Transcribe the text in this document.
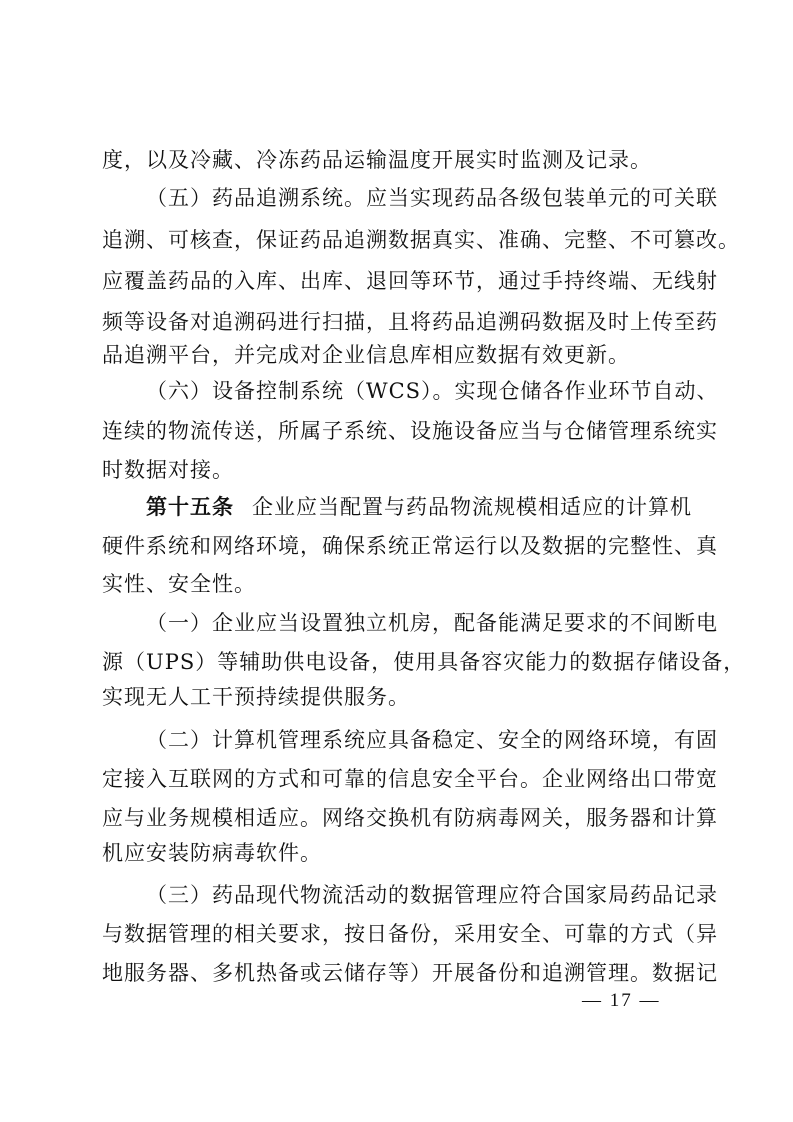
度，以及冷藏、冷冻药品运输温度开展实时监测及记录。
（五）药品追溯系统。应当实现药品各级包装单元的可关联
追溯、可核查，保证药品追溯数据真实、准确、完整、不可篡改。
应覆盖药品的入库、出库、退回等环节，通过手持终端、无线射
频等设备对追溯码进行扫描，且将药品追溯码数据及时上传至药
品追溯平台，并完成对企业信息库相应数据有效更新。
（六）设备控制系统（WCS）。实现仓储各作业环节自动、
连续的物流传送，所属子系统、设施设备应当与仓储管理系统实
时数据对接。
第十五条 企业应当配置与药品物流规模相适应的计算机
硬件系统和网络环境，确保系统正常运行以及数据的完整性、真
实性、安全性。
（一）企业应当设置独立机房，配备能满足要求的不间断电
源（UPS）等辅助供电设备，使用具备容灾能力的数据存储设备，
实现无人工干预持续提供服务。
（二）计算机管理系统应具备稳定、安全的网络环境，有固
定接入互联网的方式和可靠的信息安全平台。企业网络出口带宽
应与业务规模相适应。网络交换机有防病毒网关，服务器和计算
机应安装防病毒软件。
（三）药品现代物流活动的数据管理应符合国家局药品记录
与数据管理的相关要求，按日备份，采用安全、可靠的方式（异
地服务器、多机热备或云储存等）开展备份和追溯管理。数据记
— 17 —
